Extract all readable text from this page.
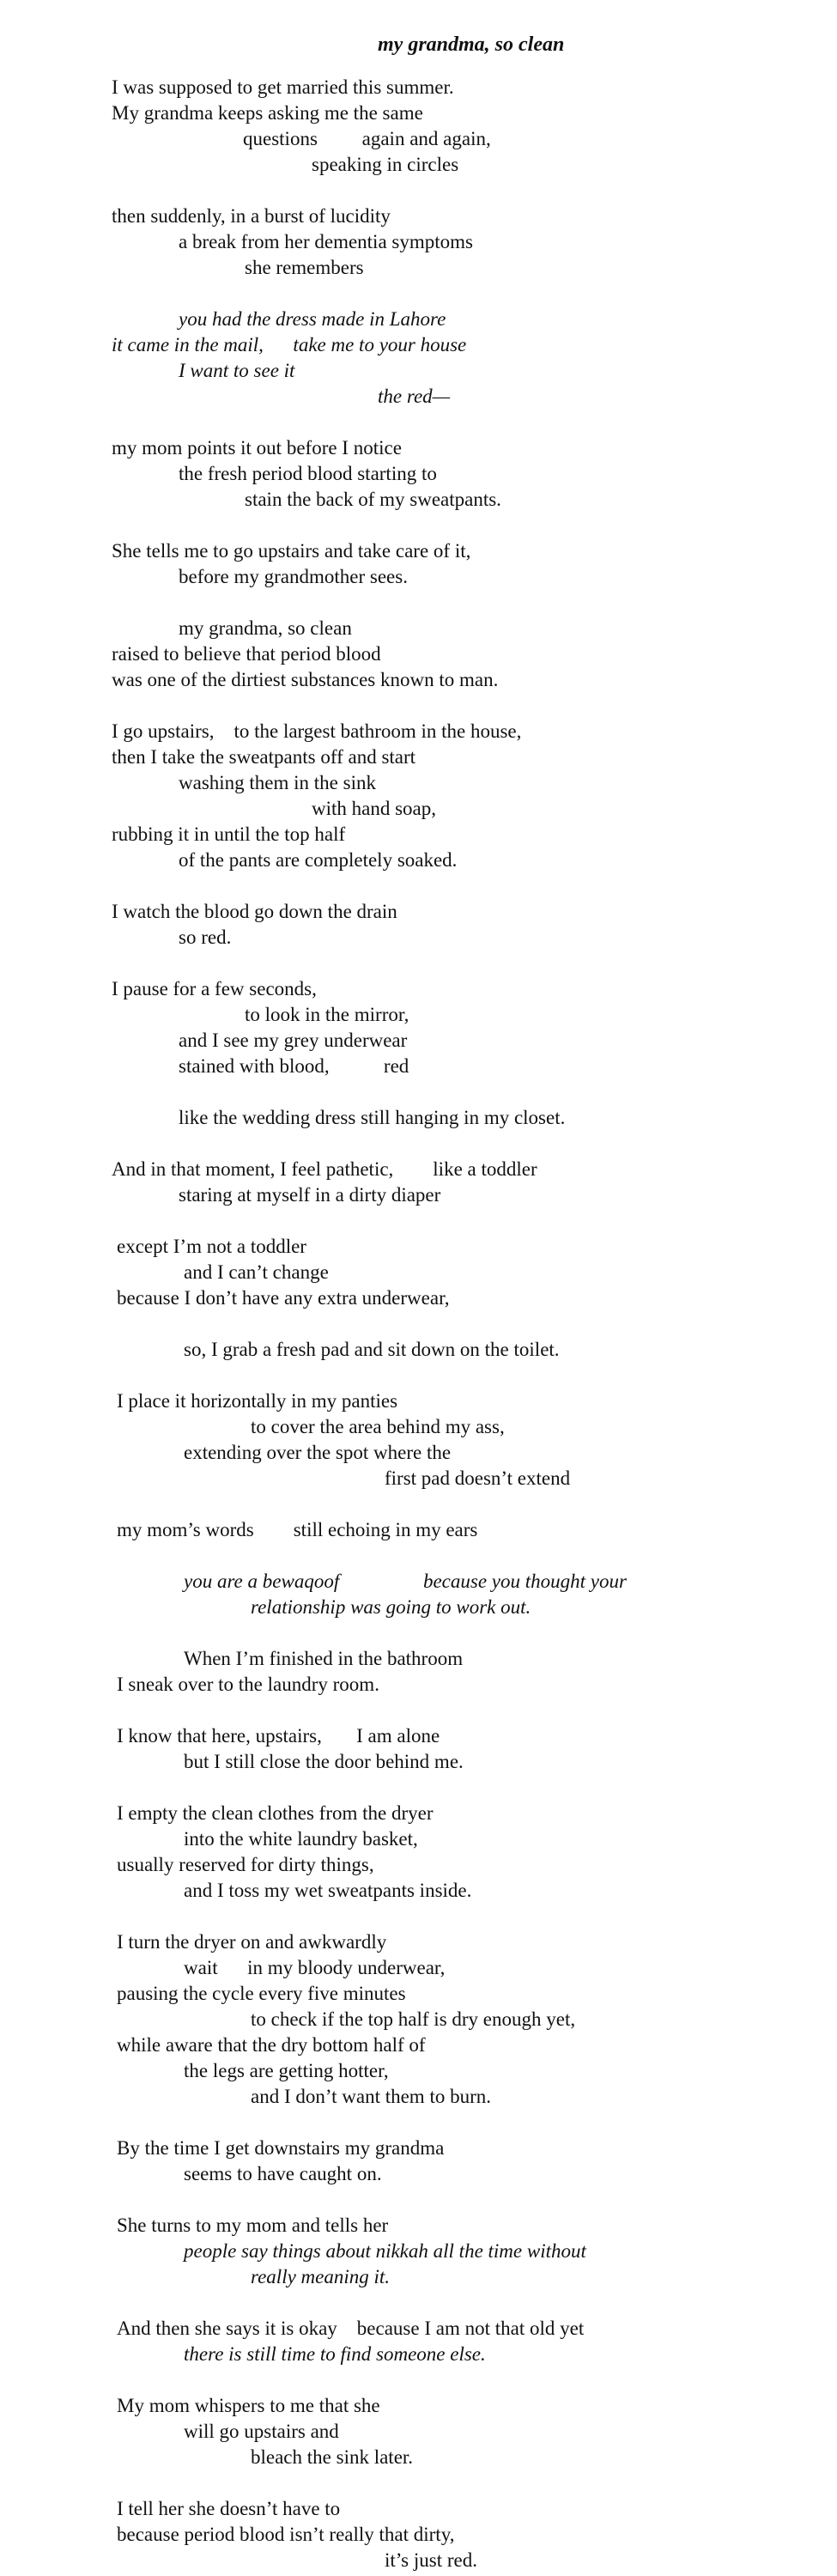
my grandma, so clean
I was supposed to get married this summer.
My grandma keeps asking me the same
questions         again and again,
speaking in circles
then suddenly, in a burst of lucidity
a break from her dementia symptoms
she remembers
you had the dress made in Lahore
it came in the mail,      take me to your house
I want to see it
the red—
my mom points it out before I notice
the fresh period blood starting to
stain the back of my sweatpants.
She tells me to go upstairs and take care of it,
before my grandmother sees.
my grandma, so clean
raised to believe that period blood
was one of the dirtiest substances known to man.
I go upstairs,    to the largest bathroom in the house,
then I take the sweatpants off and start
washing them in the sink
with hand soap,
rubbing it in until the top half
of the pants are completely soaked.
I watch the blood go down the drain
so red.
I pause for a few seconds,
to look in the mirror,
and I see my grey underwear
stained with blood,           red
like the wedding dress still hanging in my closet.
And in that moment, I feel pathetic,        like a toddler
staring at myself in a dirty diaper
except I’m not a toddler
and I can’t change
because I don’t have any extra underwear,
so, I grab a fresh pad and sit down on the toilet.
I place it horizontally in my panties
to cover the area behind my ass,
extending over the spot where the
first pad doesn’t extend
my mom’s words        still echoing in my ears
you are a bewaqoof                 because you thought your
relationship was going to work out.
When I’m finished in the bathroom
I sneak over to the laundry room.
I know that here, upstairs,       I am alone
but I still close the door behind me.
I empty the clean clothes from the dryer
into the white laundry basket,
usually reserved for dirty things,
and I toss my wet sweatpants inside.
I turn the dryer on and awkwardly
wait      in my bloody underwear,
pausing the cycle every five minutes
to check if the top half is dry enough yet,
while aware that the dry bottom half of
the legs are getting hotter,
and I don’t want them to burn.
By the time I get downstairs my grandma
seems to have caught on.
She turns to my mom and tells her
people say things about nikkah all the time without
really meaning it.
And then she says it is okay    because I am not that old yet
there is still time to find someone else.
My mom whispers to me that she
will go upstairs and
bleach the sink later.
I tell her she doesn’t have to
because period blood isn’t really that dirty,
it’s just red.
